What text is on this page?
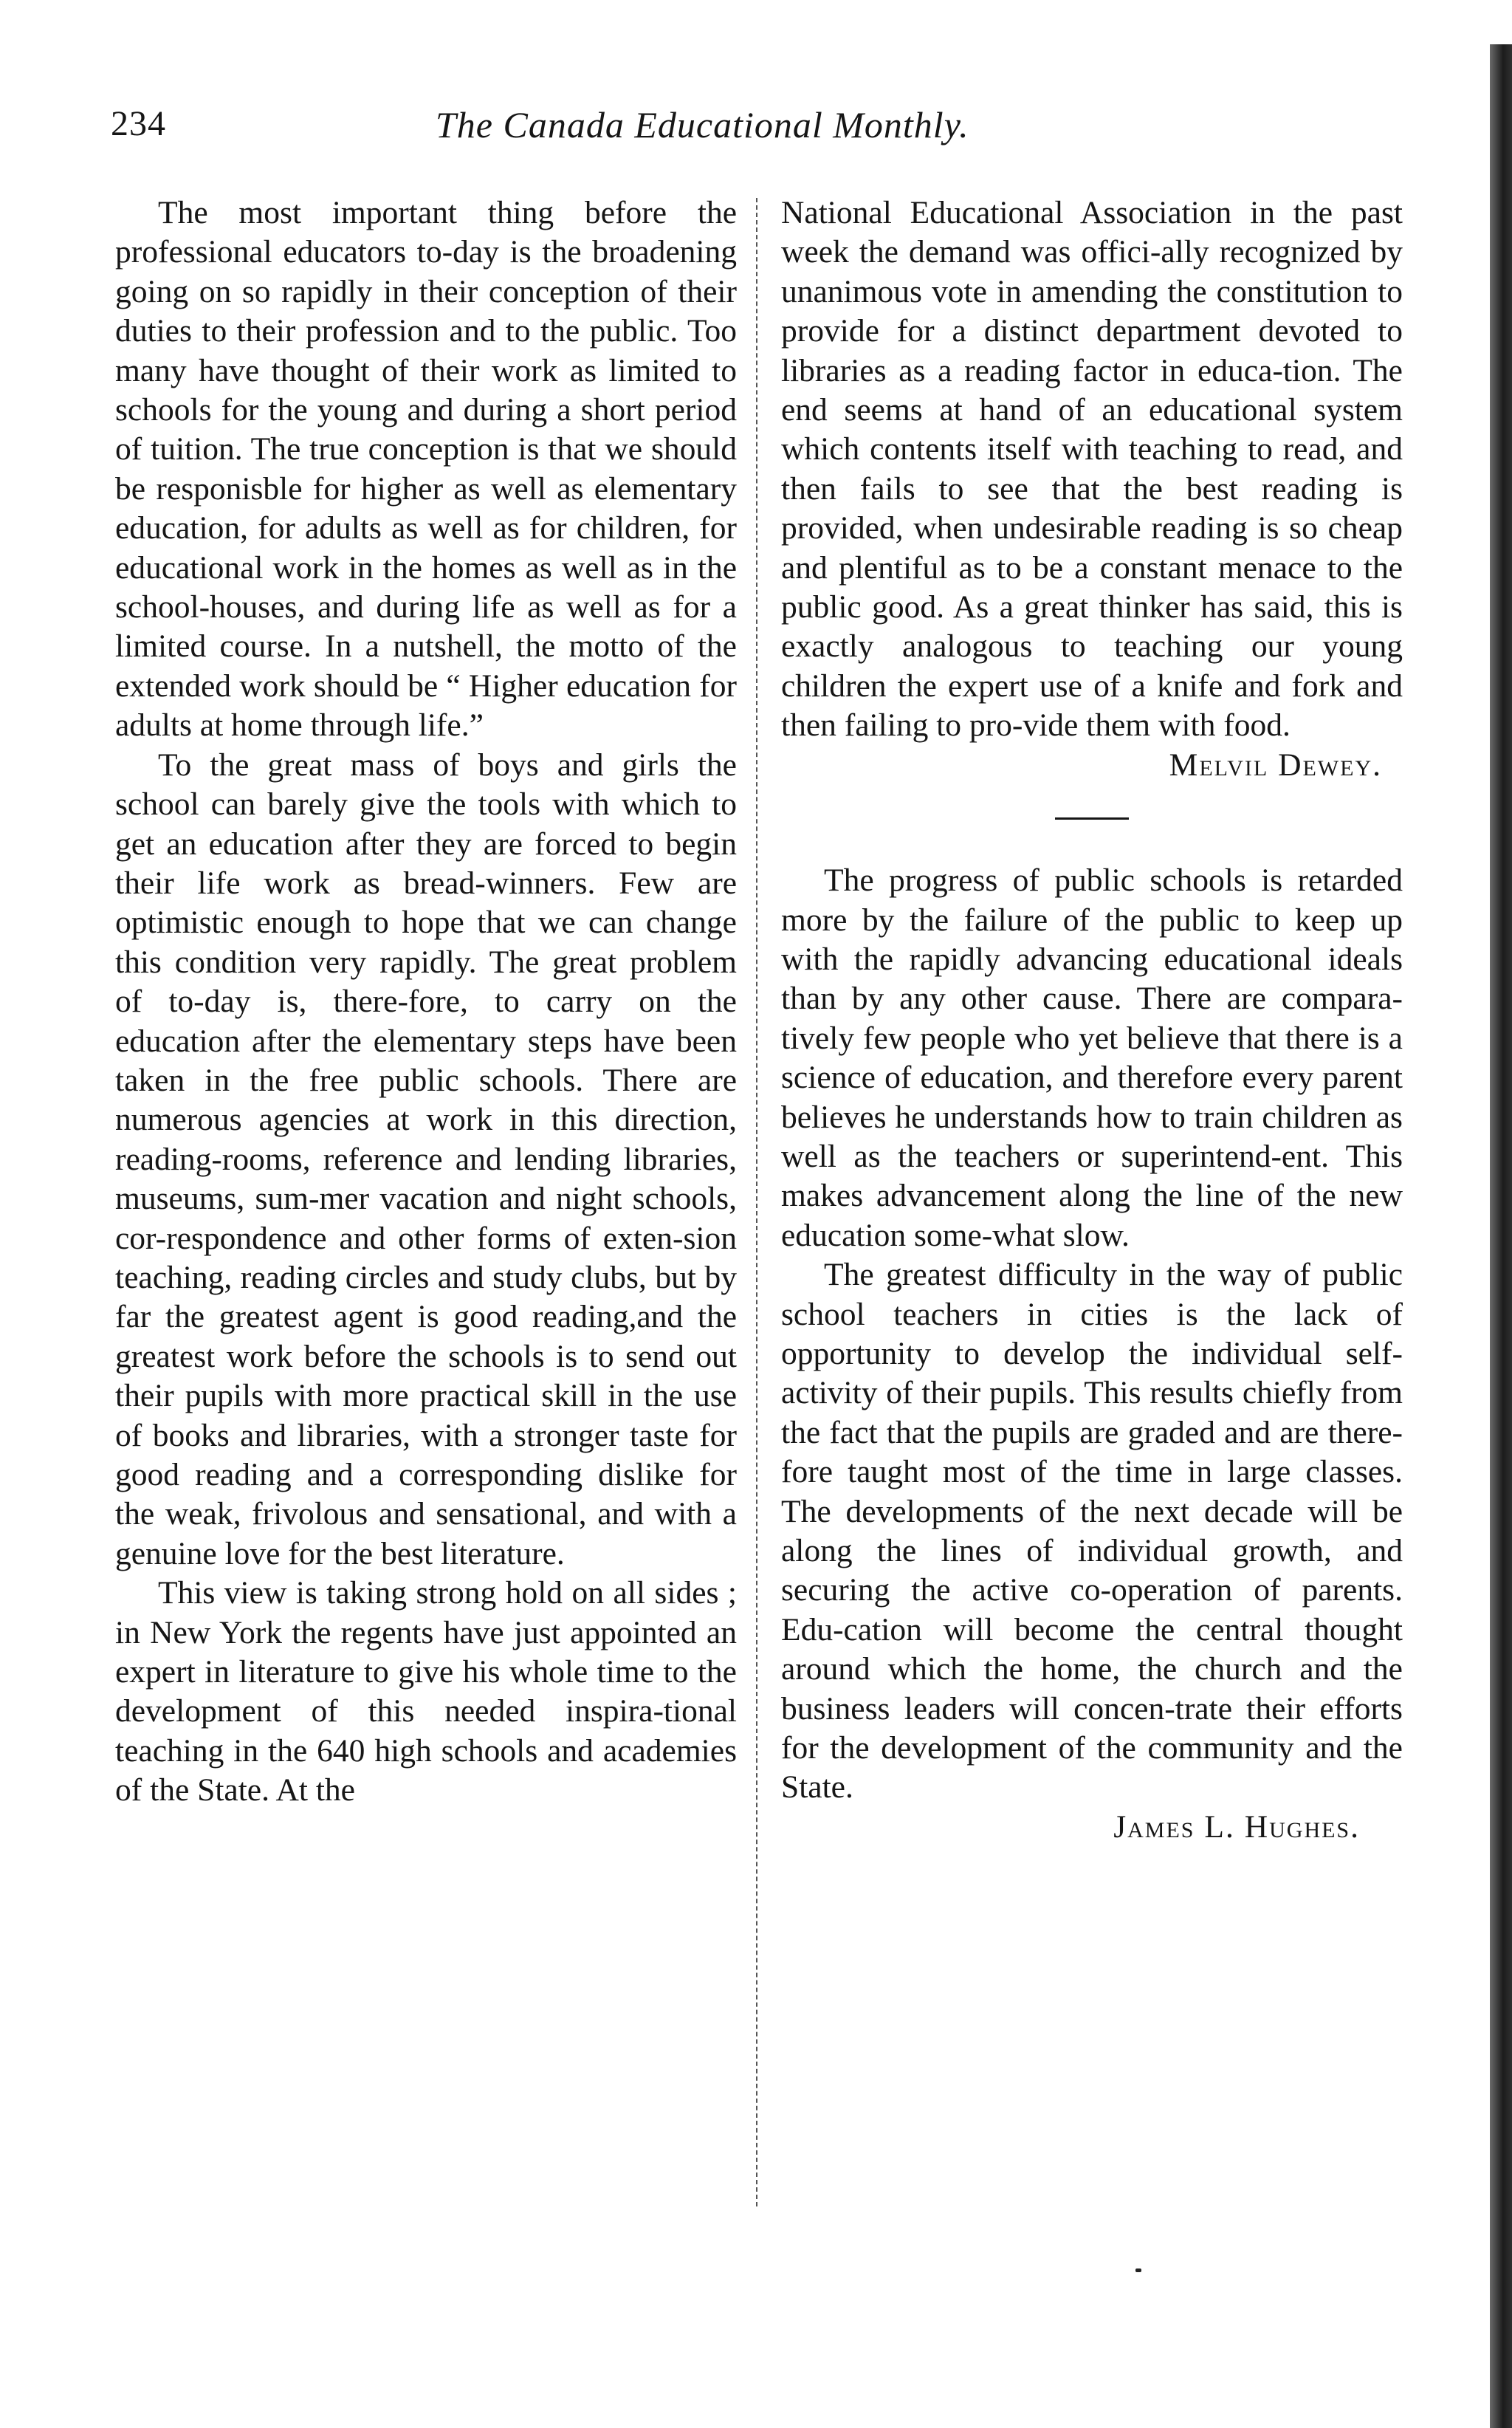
234	The Canada Educational Monthly.

The most important thing before the professional educators to-day is the broadening going on so rapidly in their conception of their duties to their profession and to the public. Too many have thought of their work as limited to schools for the young and during a short period of tuition. The true conception is that we should be responisble for higher as well as elementary education, for adults as well as for children, for educational work in the homes as well as in the school-houses, and during life as well as for a limited course. In a nutshell, the motto of the extended work should be “ Higher education for adults at home through life.”

To the great mass of boys and girls the school can barely give the tools with which to get an education after they are forced to begin their life work as bread-winners. Few are optimistic enough to hope that we can change this condition very rapidly. The great problem of to-day is, there-fore, to carry on the education after the elementary steps have been taken in the free public schools. There are numerous agencies at work in this direction, reading-rooms, reference and lending libraries, museums, sum-mer vacation and night schools, cor-respondence and other forms of exten-sion teaching, reading circles and study clubs, but by far the greatest agent is good reading,and the greatest work before the schools is to send out their pupils with more practical skill in the use of books and libraries, with a stronger taste for good reading and a corresponding dislike for the weak, frivolous and sensational, and with a genuine love for the best literature.

This view is taking strong hold on all sides ; in New York the regents have just appointed an expert in literature to give his whole time to the development of this needed inspira-tional teaching in the 640 high schools and academies of the State. At the

National Educational Association in the past week the demand was offici-ally recognized by unanimous vote in amending the constitution to provide for a distinct department devoted to libraries as a reading factor in educa-tion. The end seems at hand of an educational system which contents itself with teaching to read, and then fails to see that the best reading is provided, when undesirable reading is so cheap and plentiful as to be a constant menace to the public good. As a great thinker has said, this is exactly analogous to teaching our young children the expert use of a knife and fork and then failing to pro-vide them with food.

Melvil Dewey.

The progress of public schools is retarded more by the failure of the public to keep up with the rapidly advancing educational ideals than by any other cause. There are compara-tively few people who yet believe that there is a science of education, and therefore every parent believes he understands how to train children as well as the teachers or superintend-ent. This makes advancement along the line of the new education some-what slow.

The greatest difficulty in the way of public school teachers in cities is the lack of opportunity to develop the individual self-activity of their pupils. This results chiefly from the fact that the pupils are graded and are there-fore taught most of the time in large classes. The developments of the next decade will be along the lines of individual growth, and securing the active co-operation of parents. Edu-cation will become the central thought around which the home, the church and the business leaders will concen-trate their efforts for the development of the community and the State.

James L. Hughes.
